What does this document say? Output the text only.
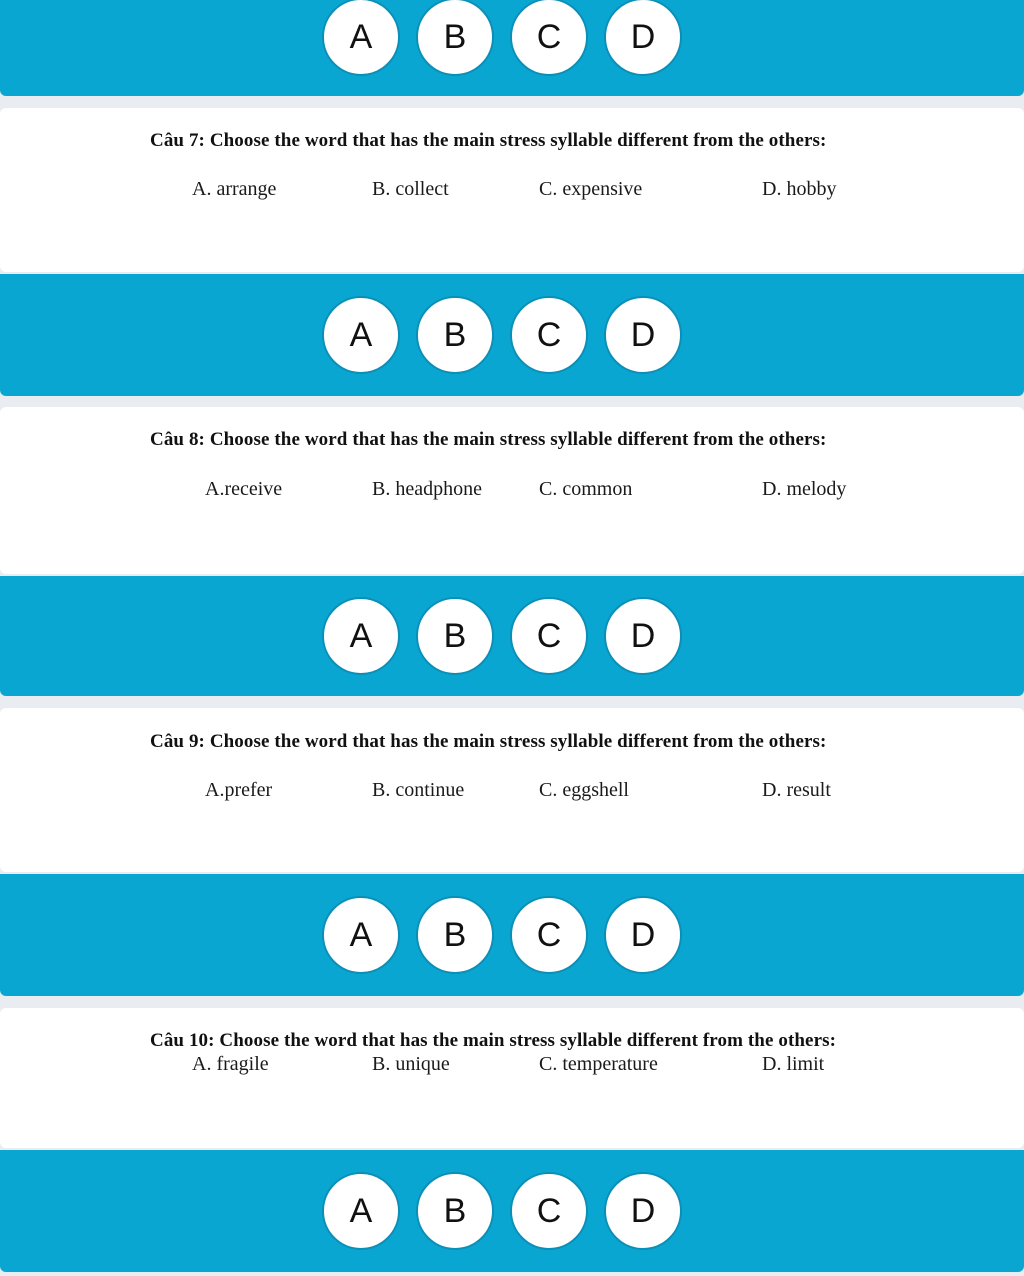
A	B	C	D
Câu 7: Choose the word that has the main stress syllable different from the others:
A. arrange	B. collect	C. expensive	D. hobby
A	B	C	D
Câu 8: Choose the word that has the main stress syllable different from the others:
A.receive	B. headphone	C. common	D. melody
A	B	C	D
Câu 9: Choose the word that has the main stress syllable different from the others:
A.prefer	B. continue	C. eggshell	D. result
A	B	C	D
Câu 10: Choose the word that has the main stress syllable different from the others:
A. fragile	B. unique	C. temperature	D. limit
A	B	C	D
